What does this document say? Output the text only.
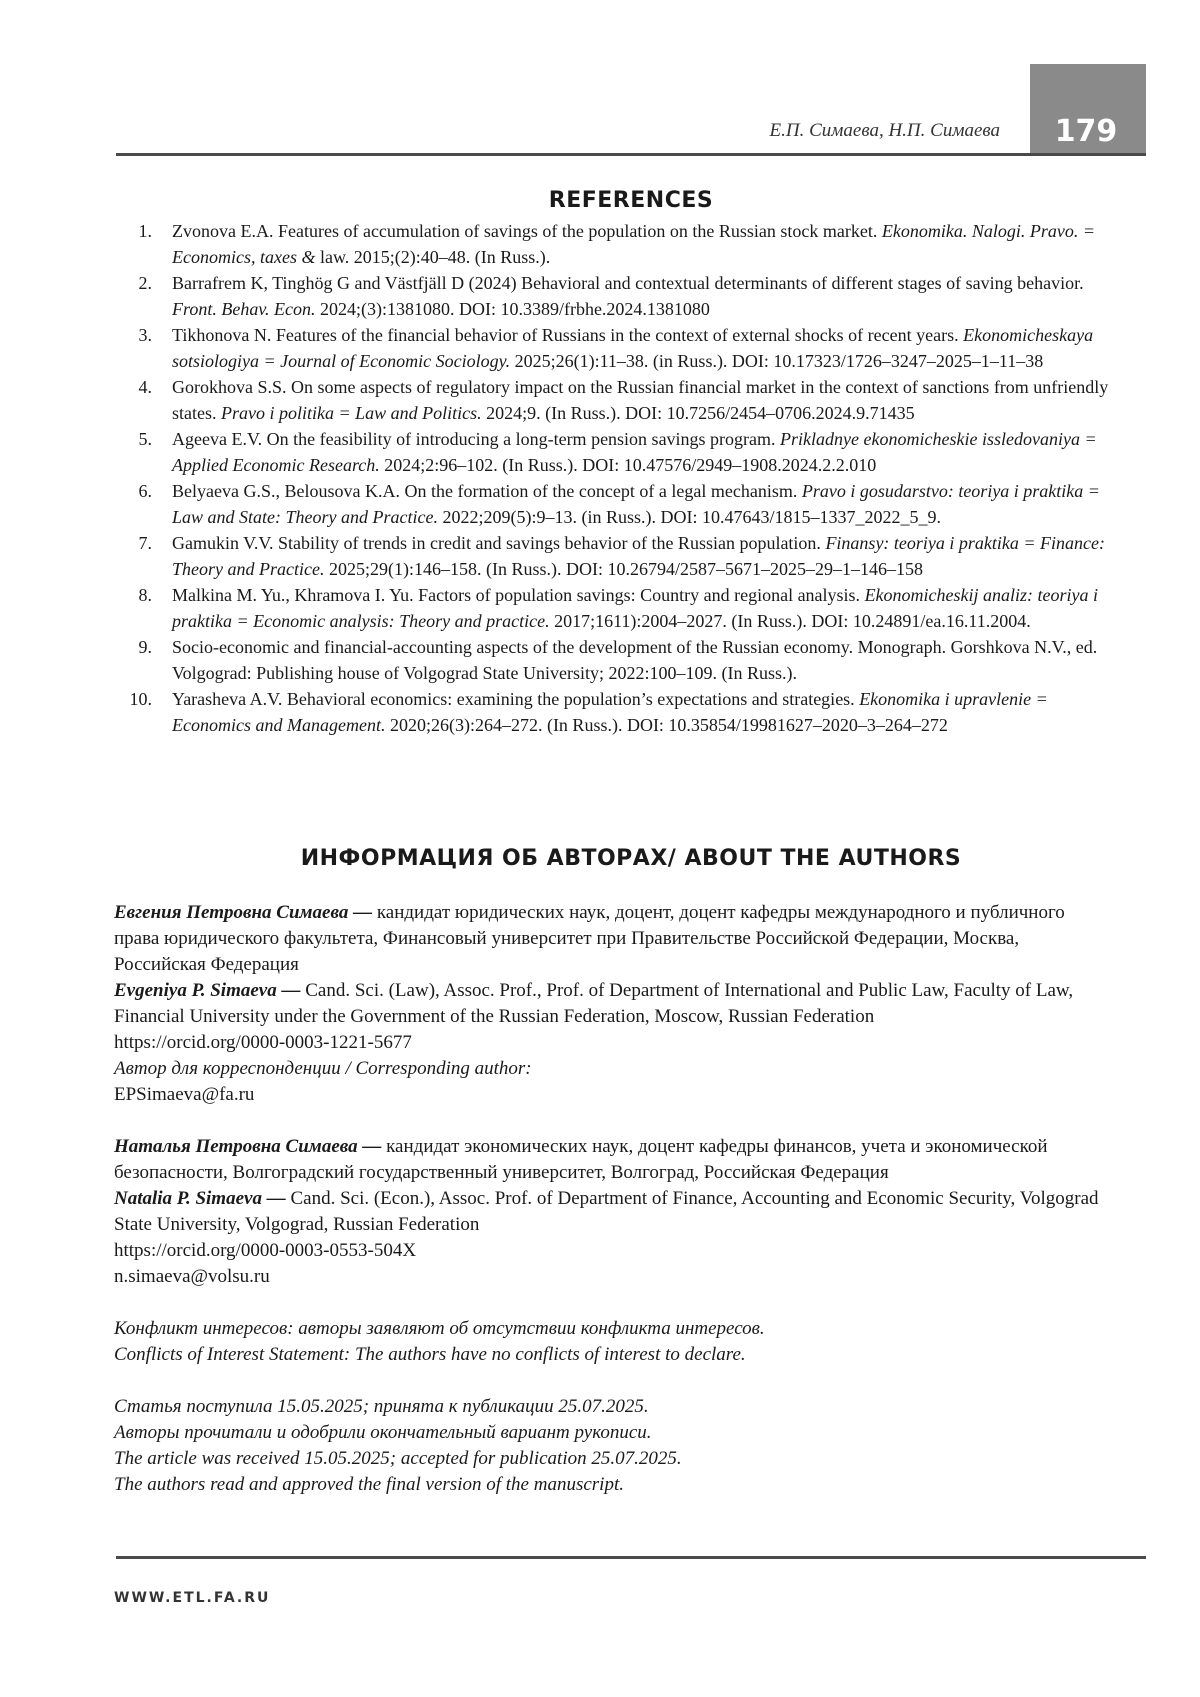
179
Е.П. Симаева, Н.П. Симаева
REFERENCES
1. Zvonova E.A. Features of accumulation of savings of the population on the Russian stock market. Ekonomika. Nalogi. Pravo. = Economics, taxes & law. 2015;(2):40–48. (In Russ.).
2. Barrafrem K, Tinghög G and Västfjäll D (2024) Behavioral and contextual determinants of different stages of saving behavior. Front. Behav. Econ. 2024;(3):1381080. DOI: 10.3389/frbhe.2024.1381080
3. Tikhonova N. Features of the financial behavior of Russians in the context of external shocks of recent years. Ekonomicheskaya sotsiologiya = Journal of Economic Sociology. 2025;26(1):11–38. (in Russ.). DOI: 10.17323/1726–3247–2025–1–11–38
4. Gorokhova S.S. On some aspects of regulatory impact on the Russian financial market in the context of sanctions from unfriendly states. Pravo i politika = Law and Politics. 2024;9. (In Russ.). DOI: 10.7256/2454–0706.2024.9.71435
5. Ageeva E.V. On the feasibility of introducing a long-term pension savings program. Prikladnye ekonomicheskie issledovaniya = Applied Economic Research. 2024;2:96–102. (In Russ.). DOI: 10.47576/2949–1908.2024.2.2.010
6. Belyaeva G.S., Belousova K.A. On the formation of the concept of a legal mechanism. Pravo i gosudarstvo: teoriya i praktika = Law and State: Theory and Practice. 2022;209(5):9–13. (in Russ.). DOI: 10.47643/1815–1337_2022_5_9.
7. Gamukin V.V. Stability of trends in credit and savings behavior of the Russian population. Finansy: teoriya i praktika = Finance: Theory and Practice. 2025;29(1):146–158. (In Russ.). DOI: 10.26794/2587–5671–2025–29–1–146–158
8. Malkina M. Yu., Khramova I. Yu. Factors of population savings: Country and regional analysis. Ekonomicheskij analiz: teoriya i praktika = Economic analysis: Theory and practice. 2017;1611):2004–2027. (In Russ.). DOI: 10.24891/ea.16.11.2004.
9. Socio-economic and financial-accounting aspects of the development of the Russian economy. Monograph. Gorshkova N.V., ed. Volgograd: Publishing house of Volgograd State University; 2022:100–109. (In Russ.).
10. Yarasheva A.V. Behavioral economics: examining the population’s expectations and strategies. Ekonomika i upravlenie = Economics and Management. 2020;26(3):264–272. (In Russ.). DOI: 10.35854/19981627–2020–3–264–272
ИНФОРМАЦИЯ ОБ АВТОРАХ/ ABOUT THE AUTHORS

Евгения Петровна Симаева — кандидат юридических наук, доцент, доцент кафедры международного и публичного права юридического факультета, Финансовый университет при Правительстве Российской Федерации, Москва, Российская Федерация

Evgeniya P. Simaeva — Cand. Sci. (Law), Assoc. Prof., Prof. of Department of International and Public Law, Faculty of Law, Financial University under the Government of the Russian Federation, Moscow, Russian Federation

https://orcid.org/0000-0003-1221-5677

Автор для корреспонденции / Corresponding author:

EPSimaeva@fa.ru

Наталья Петровна Симаева — кандидат экономических наук, доцент кафедры финансов, учета и экономической безопасности, Волгоградский государственный университет, Волгоград, Российская Федерация

Natalia P. Simaeva — Cand. Sci. (Econ.), Assoc. Prof. of Department of Finance, Accounting and Economic Security, Volgograd State University, Volgograd, Russian Federation

https://orcid.org/0000-0003-0553-504X

n.simaeva@volsu.ru

Конфликт интересов: авторы заявляют об отсутствии конфликта интересов.

Conflicts of Interest Statement: The authors have no conflicts of interest to declare.

Статья поступила 15.05.2025; принята к публикации 25.07.2025.

Авторы прочитали и одобрили окончательный вариант рукописи.

The article was received 15.05.2025; accepted for publication 25.07.2025.

The authors read and approved the final version of the manuscript.

WWW.ETL.FA.RU
